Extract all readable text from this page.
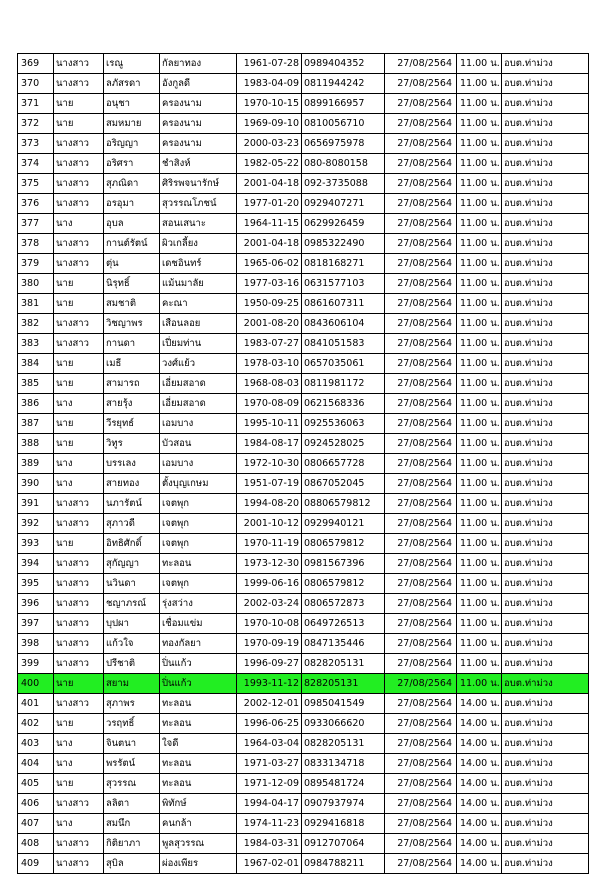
369	นางสาว	เรณู	กัลยาทอง	1961-07-28	0989404352	27/08/2564	11.00 น.	อบต.ท่าม่วง
370	นางสาว	ลภัสรดา	อังกูลดี	1983-04-09	0811944242	27/08/2564	11.00 น.	อบต.ท่าม่วง
371	นาย	อนุชา	ครองนาม	1970-10-15	0899166957	27/08/2564	11.00 น.	อบต.ท่าม่วง
372	นาย	สมหมาย	ครองนาม	1969-09-10	0810056710	27/08/2564	11.00 น.	อบต.ท่าม่วง
373	นางสาว	อริญญา	ครองนาม	2000-03-23	0656975978	27/08/2564	11.00 น.	อบต.ท่าม่วง
374	นางสาว	อริศรา	ชำสิงห์	1982-05-22	080-8080158	27/08/2564	11.00 น.	อบต.ท่าม่วง
375	นางสาว	สุภณิดา	ศิริรพจนารักษ์	2001-04-18	092-3735088	27/08/2564	11.00 น.	อบต.ท่าม่วง
376	นางสาว	อรอุมา	สุวรรณโภชน์	1977-01-20	0929407271	27/08/2564	11.00 น.	อบต.ท่าม่วง
377	นาง	อุบล	สอนเสนาะ	1964-11-15	0629926459	27/08/2564	11.00 น.	อบต.ท่าม่วง
378	นางสาว	กานต์รัตน์	ผิวเกลี้ยง	2001-04-18	0985322490	27/08/2564	11.00 น.	อบต.ท่าม่วง
379	นางสาว	ตุ่น	เดชอินทร์	1965-06-02	0818168271	27/08/2564	11.00 น.	อบต.ท่าม่วง
380	นาย	นิรุทธิ์	แม้นมาลัย	1977-03-16	0631577103	27/08/2564	11.00 น.	อบต.ท่าม่วง
381	นาย	สมชาติ	คะณา	1950-09-25	0861607311	27/08/2564	11.00 น.	อบต.ท่าม่วง
382	นางสาว	วิชญาพร	เสือนลอย	2001-08-20	0843606104	27/08/2564	11.00 น.	อบต.ท่าม่วง
383	นางสาว	กานดา	เปี่ยมท่าน	1983-07-27	0841051583	27/08/2564	11.00 น.	อบต.ท่าม่วง
384	นาย	เมธี	วงศ์แย้ว	1978-03-10	0657035061	27/08/2564	11.00 น.	อบต.ท่าม่วง
385	นาย	สามารถ	เอี่ยมสอาด	1968-08-03	0811981172	27/08/2564	11.00 น.	อบต.ท่าม่วง
386	นาง	สายรุ้ง	เอี่ยมสอาด	1970-08-09	0621568336	27/08/2564	11.00 น.	อบต.ท่าม่วง
387	นาย	วีรยุทธ์	เอมบาง	1995-10-11	0925536063	27/08/2564	11.00 น.	อบต.ท่าม่วง
388	นาย	วิทูร	บัวสอน	1984-08-17	0924528025	27/08/2564	11.00 น.	อบต.ท่าม่วง
389	นาง	บรรเลง	เอมบาง	1972-10-30	0806657728	27/08/2564	11.00 น.	อบต.ท่าม่วง
390	นาง	สายทอง	ตั้งบุญเกษม	1951-07-19	0867052045	27/08/2564	11.00 น.	อบต.ท่าม่วง
391	นางสาว	นภารัตน์	เจตพุก	1994-08-20	08806579812	27/08/2564	11.00 น.	อบต.ท่าม่วง
392	นางสาว	สุภาวดี	เจตพุก	2001-10-12	0929940121	27/08/2564	11.00 น.	อบต.ท่าม่วง
393	นาย	อิทธิศักดิ์	เจตพุก	1970-11-19	0806579812	27/08/2564	11.00 น.	อบต.ท่าม่วง
394	นางสาว	สุกัญญา	ทะลอน	1973-12-30	0981567396	27/08/2564	11.00 น.	อบต.ท่าม่วง
395	นางสาว	นวินดา	เจตพุก	1999-06-16	0806579812	27/08/2564	11.00 น.	อบต.ท่าม่วง
396	นางสาว	ชญาภรณ์	รุ่งสว่าง	2002-03-24	0806572873	27/08/2564	11.00 น.	อบต.ท่าม่วง
397	นางสาว	บุปผา	เชื่อมแข่ม	1970-10-08	0649726513	27/08/2564	11.00 น.	อบต.ท่าม่วง
398	นางสาว	แก้วใจ	ทองกัลยา	1970-09-19	0847135446	27/08/2564	11.00 น.	อบต.ท่าม่วง
399	นางสาว	ปรีชาติ	ปิ่นแก้ว	1996-09-27	0828205131	27/08/2564	11.00 น.	อบต.ท่าม่วง
400	นาย	สยาม	ปิ่นแก้ว	1993-11-12	828205131	27/08/2564	11.00 น.	อบต.ท่าม่วง
401	นางสาว	สุภาพร	ทะลอน	2002-12-01	0985041549	27/08/2564	14.00 น.	อบต.ท่าม่วง
402	นาย	วรฤทธิ์	ทะลอน	1996-06-25	0933066620	27/08/2564	14.00 น.	อบต.ท่าม่วง
403	นาง	จินตนา	ใจดี	1964-03-04	0828205131	27/08/2564	14.00 น.	อบต.ท่าม่วง
404	นาง	พรรัตน์	ทะลอน	1971-03-27	0833134718	27/08/2564	14.00 น.	อบต.ท่าม่วง
405	นาย	สุวรรณ	ทะลอน	1971-12-09	0895481724	27/08/2564	14.00 น.	อบต.ท่าม่วง
406	นางสาว	ลลิตา	พิทักษ์	1994-04-17	0907937974	27/08/2564	14.00 น.	อบต.ท่าม่วง
407	นาง	สมนึก	คนกล้า	1974-11-23	0929416818	27/08/2564	14.00 น.	อบต.ท่าม่วง
408	นางสาว	กิติยาภา	พูลสุวรรณ	1984-03-31	0912707064	27/08/2564	14.00 น.	อบต.ท่าม่วง
409	นางสาว	สุบิล	ผ่องเพียร	1967-02-01	0984788211	27/08/2564	14.00 น.	อบต.ท่าม่วง
